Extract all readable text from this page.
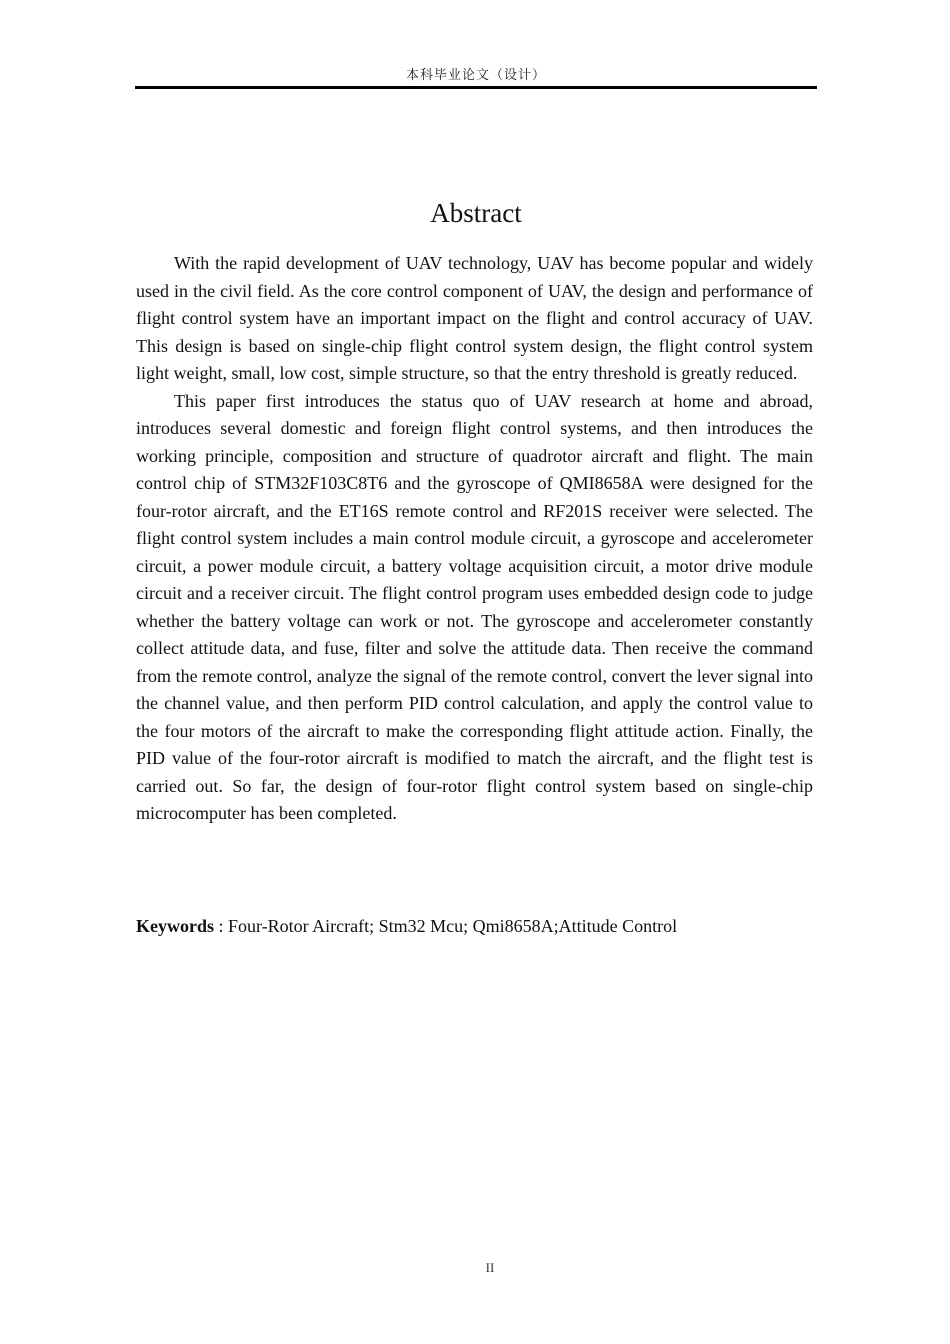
本科毕业论文（设计）
Abstract

With the rapid development of UAV technology, UAV has become popular and widely used in the civil field. As the core control component of UAV, the design and performance of flight control system have an important impact on the flight and control accuracy of UAV. This design is based on single-chip flight control system design, the flight control system light weight, small, low cost, simple structure, so that the entry threshold is greatly reduced.

This paper first introduces the status quo of UAV research at home and abroad, introduces several domestic and foreign flight control systems, and then introduces the working principle, composition and structure of quadrotor aircraft and flight. The main control chip of STM32F103C8T6 and the gyroscope of QMI8658A were designed for the four-rotor aircraft, and the ET16S remote control and RF201S receiver were selected. The flight control system includes a main control module circuit, a gyroscope and accelerometer circuit, a power module circuit, a battery voltage acquisition circuit, a motor drive module circuit and a receiver circuit. The flight control program uses embedded design code to judge whether the battery voltage can work or not. The gyroscope and accelerometer constantly collect attitude data, and fuse, filter and solve the attitude data. Then receive the command from the remote control, analyze the signal of the remote control, convert the lever signal into the channel value, and then perform PID control calculation, and apply the control value to the four motors of the aircraft to make the corresponding flight attitude action. Finally, the PID value of the four-rotor aircraft is modified to match the aircraft, and the flight test is carried out. So far, the design of four-rotor flight control system based on single-chip microcomputer has been completed.

Keywords : Four-Rotor Aircraft; Stm32 Mcu; Qmi8658A;Attitude Control
II
